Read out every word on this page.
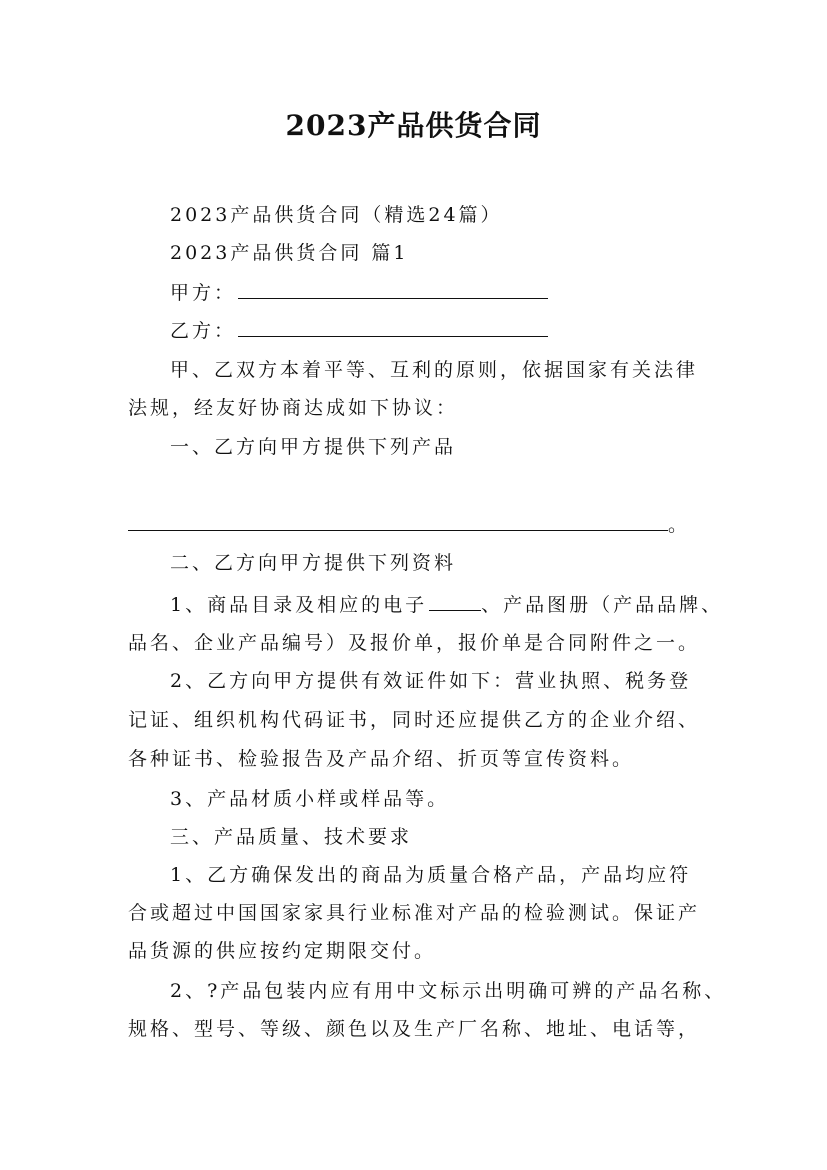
2023产品供货合同
2023产品供货合同（精选24篇）
2023产品供货合同 篇1
甲方：
乙方：
甲、乙双方本着平等、互利的原则，依据国家有关法律
法规，经友好协商达成如下协议：
一、乙方向甲方提供下列产品
。
二、乙方向甲方提供下列资料
1、商品目录及相应的电子	、产品图册（产品品牌、
品名、企业产品编号）及报价单，报价单是合同附件之一。
2、乙方向甲方提供有效证件如下：营业执照、税务登
记证、组织机构代码证书，同时还应提供乙方的企业介绍、
各种证书、检验报告及产品介绍、折页等宣传资料。
3、产品材质小样或样品等。
三、产品质量、技术要求
1、乙方确保发出的商品为质量合格产品，产品均应符
合或超过中国国家家具行业标准对产品的检验测试。保证产
品货源的供应按约定期限交付。
2、?产品包装内应有用中文标示出明确可辨的产品名称、
规格、型号、等级、颜色以及生产厂名称、地址、电话等，
